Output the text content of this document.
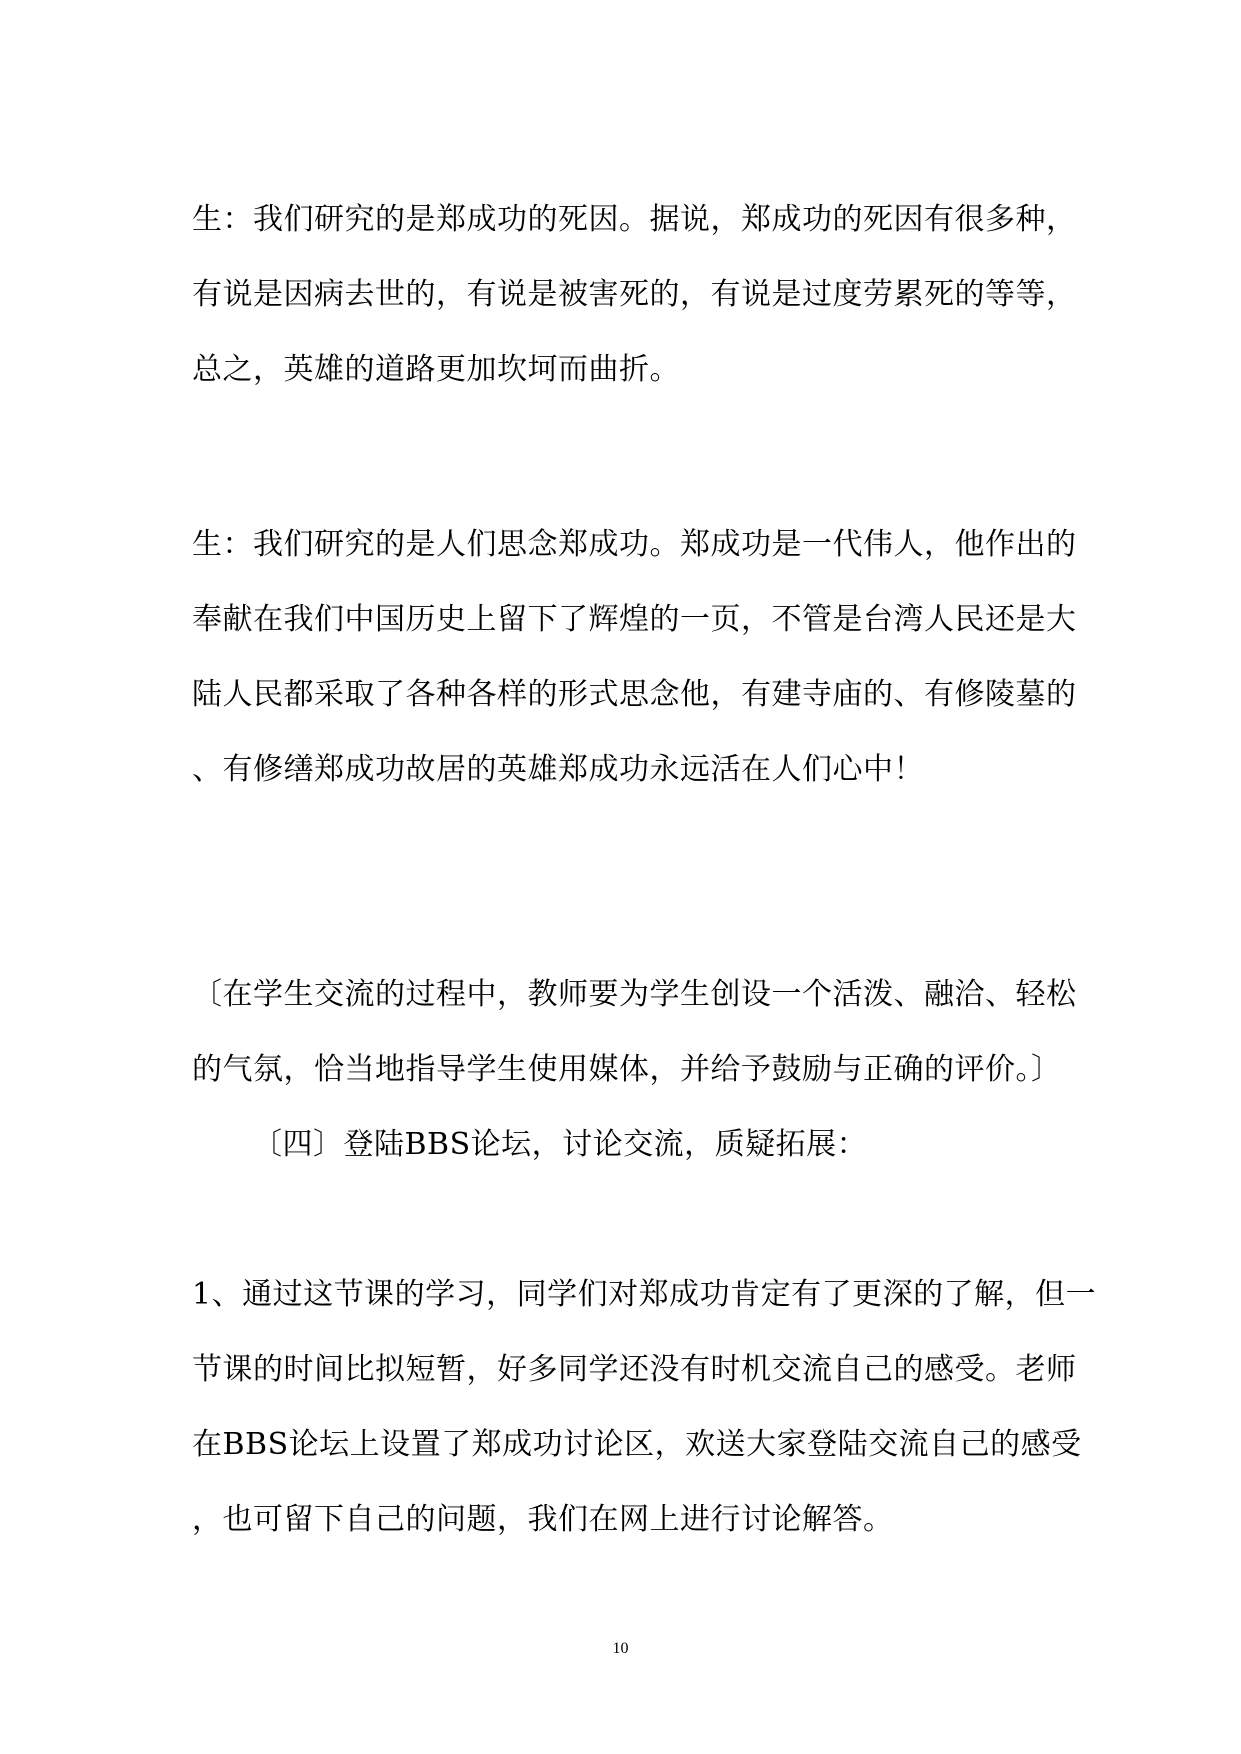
生：我们研究的是郑成功的死因。据说，郑成功的死因有很多种，

有说是因病去世的，有说是被害死的，有说是过度劳累死的等等，

总之，英雄的道路更加坎坷而曲折。

生：我们研究的是人们思念郑成功。郑成功是一代伟人，他作出的

奉献在我们中国历史上留下了辉煌的一页，不管是台湾人民还是大

陆人民都采取了各种各样的形式思念他，有建寺庙的、有修陵墓的

、有修缮郑成功故居的英雄郑成功永远活在人们心中！

〔在学生交流的过程中，教师要为学生创设一个活泼、融洽、轻松

的气氛，恰当地指导学生使用媒体，并给予鼓励与正确的评价。〕

〔四〕登陆BBS论坛，讨论交流，质疑拓展：

1、通过这节课的学习，同学们对郑成功肯定有了更深的了解，但一

节课的时间比拟短暂，好多同学还没有时机交流自己的感受。老师

在BBS论坛上设置了郑成功讨论区，欢送大家登陆交流自己的感受

，也可留下自己的问题，我们在网上进行讨论解答。

10
